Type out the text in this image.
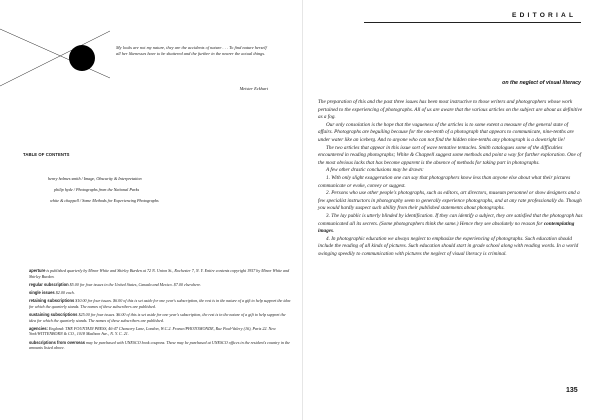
My looks are not my nature, they are the accidents of nature . . . To find nature herself all her likenesses have to be shattered and the further in the nearer the actual things.
Meister Eckhart
TABLE OF CONTENTS
henry holmes smith / Image, Obscurity & Interpretation
philip hyde / Photographs from the National Parks
white & chappell / Some Methods for Experiencing Photographs

aperture is published quarterly by Minor White and Shirley Burden at 72 N. Union St., Rochester 7, N. Y. Entire contents copyright 1957 by Minor White and Shirley Burden.

regular subscription $5.00 for four issues in the United States, Canada and Mexico. $7.00 elsewhere.

single issues $2.00 each.

retaining subscriptions $10.00 for four issues. $6.00 of this is set aside for one year's subscription, the rest is in the nature of a gift to help support the idea for which the quarterly stands. The names of these subscribers are published.

sustaining subscriptions $25.00 for four issues. $6.00 of this is set aside for one year's subscription, the rest is in the nature of a gift to help support the idea for which the quarterly stands. The names of these subscribers are published.

agencies: England: THE FOUNTAIN PRESS, 46-47 Chancery Lane, London, W.C.2. France/PHOTOMONDE, Rue Paul-Valery (16), Paris 22. New York/WITTENBORN & CO., 1018 Madison Ave., N. Y. C. 21.

subscriptions from overseas may be purchased with UNESCO book coupons. These may be purchased at UNESCO offices in the resident's country in the amounts listed above.

EDITORIAL
on the neglect of visual literacy

The preparation of this and the past three issues has been most instructive to those writers and photographers whose work pertained to the experiencing of photographs. All of us are aware that the various articles on the subject are about as definitive as a fog.

Our only consolation is the hope that the vagueness of the articles is to some extent a measure of the general state of affairs. Photographs are beguiling because for the one-tenth of a photograph that appears to communicate, nine-tenths are under water like an iceberg. And to anyone who can not find the hidden nine-tenths any photograph is a downright lie!

The two articles that appear in this issue sort of wave tentative tentacles. Smith catalogues some of the difficulties encountered in reading photographs; White & Chappell suggest some methods and point a way for further exploration. One of the most obvious lacks that has become apparent is the absence of methods for taking part in photographs.

A few other drastic conclusions may be drawn:

1. With only slight exaggeration one can say that photographers know less than anyone else about what their pictures communicate or evoke, convey or suggest.

2. Persons who use other people's photographs, such as editors, art directors, museum personnel or show designers and a few specialist instructors in photography seem to generally experience photographs, and at any rate professionally do. Though you would hardly suspect such ability from their published statements about photographs.

3. The lay public is utterly blinded by identification. If they can identify a subject, they are satisfied that the photograph has communicated all its secrets. (Some photographers think the same.) Hence they see absolutely no reason for contemplating images.

4. In photographic education we always neglect to emphasize the experiencing of photographs. Such education should include the reading of all kinds of pictures. Such education should start in grade school along with reading words. In a world swinging speedily to communication with pictures the neglect of visual literacy is criminal.

135
